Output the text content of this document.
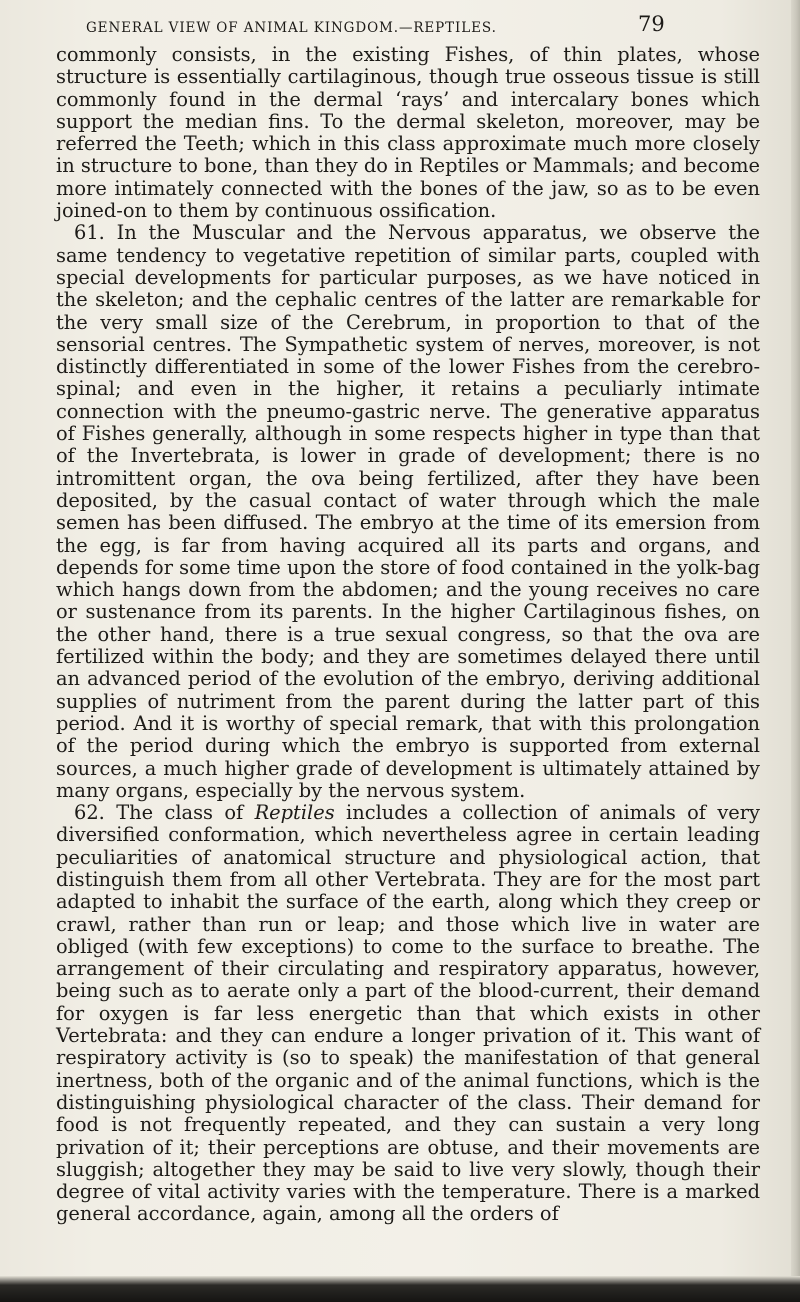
GENERAL VIEW OF ANIMAL KINGDOM.—REPTILES.	79

commonly consists, in the existing Fishes, of thin plates, whose structure is essentially cartilaginous, though true osseous tissue is still commonly found in the dermal ‘rays’ and intercalary bones which support the median fins. To the dermal skeleton, moreover, may be referred the Teeth; which in this class approximate much more closely in structure to bone, than they do in Reptiles or Mammals; and become more intimately connected with the bones of the jaw, so as to be even joined-on to them by continuous ossification.

61. In the Muscular and the Nervous apparatus, we observe the same tendency to vegetative repetition of similar parts, coupled with special developments for particular purposes, as we have noticed in the skeleton; and the cephalic centres of the latter are remarkable for the very small size of the Cerebrum, in proportion to that of the sensorial centres. The Sympathetic system of nerves, moreover, is not distinctly differentiated in some of the lower Fishes from the cerebro-spinal; and even in the higher, it retains a peculiarly intimate connection with the pneumo-gastric nerve. The generative apparatus of Fishes generally, although in some respects higher in type than that of the Invertebrata, is lower in grade of development; there is no intromittent organ, the ova being fertilized, after they have been deposited, by the casual contact of water through which the male semen has been diffused. The embryo at the time of its emersion from the egg, is far from having acquired all its parts and organs, and depends for some time upon the store of food contained in the yolk-bag which hangs down from the abdomen; and the young receives no care or sustenance from its parents. In the higher Cartilaginous fishes, on the other hand, there is a true sexual congress, so that the ova are fertilized within the body; and they are sometimes delayed there until an advanced period of the evolution of the embryo, deriving additional supplies of nutriment from the parent during the latter part of this period. And it is worthy of special remark, that with this prolongation of the period during which the embryo is supported from external sources, a much higher grade of development is ultimately attained by many organs, especially by the nervous system.

62. The class of Reptiles includes a collection of animals of very diversified conformation, which nevertheless agree in certain leading peculiarities of anatomical structure and physiological action, that distinguish them from all other Vertebrata. They are for the most part adapted to inhabit the surface of the earth, along which they creep or crawl, rather than run or leap; and those which live in water are obliged (with few exceptions) to come to the surface to breathe. The arrangement of their circulating and respiratory apparatus, however, being such as to aerate only a part of the blood-current, their demand for oxygen is far less energetic than that which exists in other Vertebrata: and they can endure a longer privation of it. This want of respiratory activity is (so to speak) the manifestation of that general inertness, both of the organic and of the animal functions, which is the distinguishing physiological character of the class. Their demand for food is not frequently repeated, and they can sustain a very long privation of it; their perceptions are obtuse, and their movements are sluggish; altogether they may be said to live very slowly, though their degree of vital activity varies with the temperature. There is a marked general accordance, again, among all the orders of
